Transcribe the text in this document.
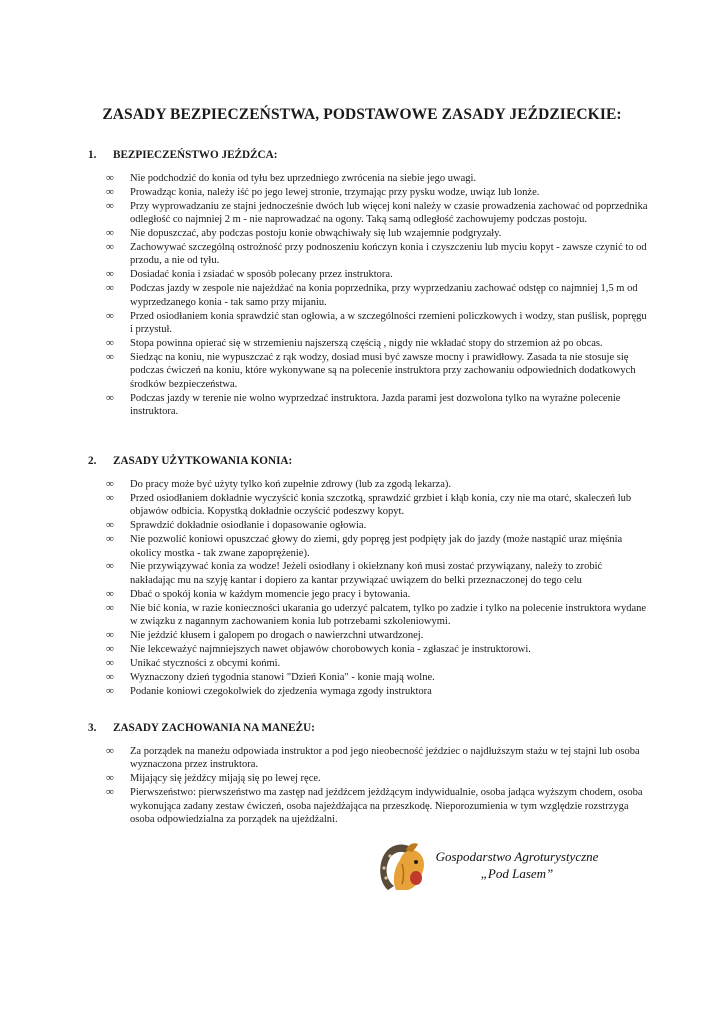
ZASADY BEZPIECZEŃSTWA, PODSTAWOWE ZASADY JEŹDZIECKIE:
1. BEZPIECZEŃSTWO JEŹDŹCA:
∞ Nie podchodzić do konia od tyłu bez uprzedniego zwrócenia na siebie jego uwagi.
∞ Prowadząc konia, należy iść po jego lewej stronie, trzymając przy pysku wodze, uwiąz lub lonże.
∞ Przy wyprowadzaniu ze stajni jednocześnie dwóch lub więcej koni należy w czasie prowadzenia zachować od poprzednika odległość co najmniej 2 m - nie naprowadzać na ogony. Taką samą odległość zachowujemy podczas postoju.
∞ Nie dopuszczać, aby podczas postoju konie obwąchiwały się lub wzajemnie podgryzały.
∞ Zachowywać szczególną ostrożność przy podnoszeniu kończyn konia i czyszczeniu lub myciu kopyt - zawsze czynić to od przodu, a nie od tyłu.
∞ Dosiadać konia i zsiadać w sposób polecany przez instruktora.
∞ Podczas jazdy w zespole nie najeżdżać na konia poprzednika, przy wyprzedzaniu zachować odstęp co najmniej 1,5 m od wyprzedzanego konia - tak samo przy mijaniu.
∞ Przed osiodłaniem konia sprawdzić stan ogłowia, a w szczególności rzemieni policzkowych i wodzy, stan puślisk, popręgu i przystuł.
∞ Stopa powinna opierać się w strzemieniu najszerszą częścią , nigdy nie wkładać stopy do strzemion aż po obcas.
∞ Siedząc na koniu, nie wypuszczać z rąk wodzy, dosiad musi być zawsze mocny i prawidłowy. Zasada ta nie stosuje się podczas ćwiczeń na koniu, które wykonywane są na polecenie instruktora przy zachowaniu odpowiednich dodatkowych środków bezpieczeństwa.
∞ Podczas jazdy w terenie nie wolno wyprzedzać instruktora. Jazda parami jest dozwolona tylko na wyraźne polecenie instruktora.
2. ZASADY UŻYTKOWANIA KONIA:
∞ Do pracy może być użyty tylko koń zupełnie zdrowy (lub za zgodą lekarza).
∞ Przed osiodłaniem dokładnie wyczyścić konia szczotką, sprawdzić grzbiet i kłąb konia, czy nie ma otarć, skaleczeń lub objawów odbicia. Kopystką dokładnie oczyścić podeszwy kopyt.
∞ Sprawdzić dokładnie osiodłanie i dopasowanie ogłowia.
∞ Nie pozwolić koniowi opuszczać głowy do ziemi, gdy popręg jest podpięty jak do jazdy (może nastąpić uraz mięśnia okolicy mostka - tak zwane zapoprężenie).
∞ Nie przywiązywać konia za wodze! Jeżeli osiodłany i okiełznany koń musi zostać przywiązany, należy to zrobić nakładając mu na szyję kantar i dopiero za kantar przywiązać uwiązem do belki przeznaczonej do tego celu
∞ Dbać o spokój konia w każdym momencie jego pracy i bytowania.
∞ Nie bić konia, w razie konieczności ukarania go uderzyć palcatem, tylko po zadzie i tylko na polecenie instruktora wydane w związku z nagannym zachowaniem konia lub potrzebami szkoleniowymi.
∞ Nie jeździć kłusem i galopem po drogach o nawierzchni utwardzonej.
∞ Nie lekceważyć najmniejszych nawet objawów chorobowych konia - zgłaszać je instruktorowi.
∞ Unikać styczności z obcymi końmi.
∞ Wyznaczony dzień tygodnia stanowi "Dzień Konia" - konie mają wolne.
∞ Podanie koniowi czegokolwiek do zjedzenia wymaga zgody instruktora
3. ZASADY ZACHOWANIA NA MANEŻU:
∞ Za porządek na maneżu odpowiada instruktor a pod jego nieobecność jeździec o najdłuższym stażu w tej stajni lub osoba wyznaczona przez instruktora.
∞ Mijający się jeźdźcy mijają się po lewej ręce.
∞ Pierwszeństwo: pierwszeństwo ma zastęp nad jeźdźcem jeżdżącym indywidualnie, osoba jadąca wyższym chodem, osoba wykonująca zadany zestaw ćwiczeń, osoba najeżdżająca na przeszkodę. Nieporozumienia w tym względzie rozstrzyga osoba odpowiedzialna za porządek na ujeżdżalni.
Gospodarstwo Agroturystyczne
„Pod Lasem”
